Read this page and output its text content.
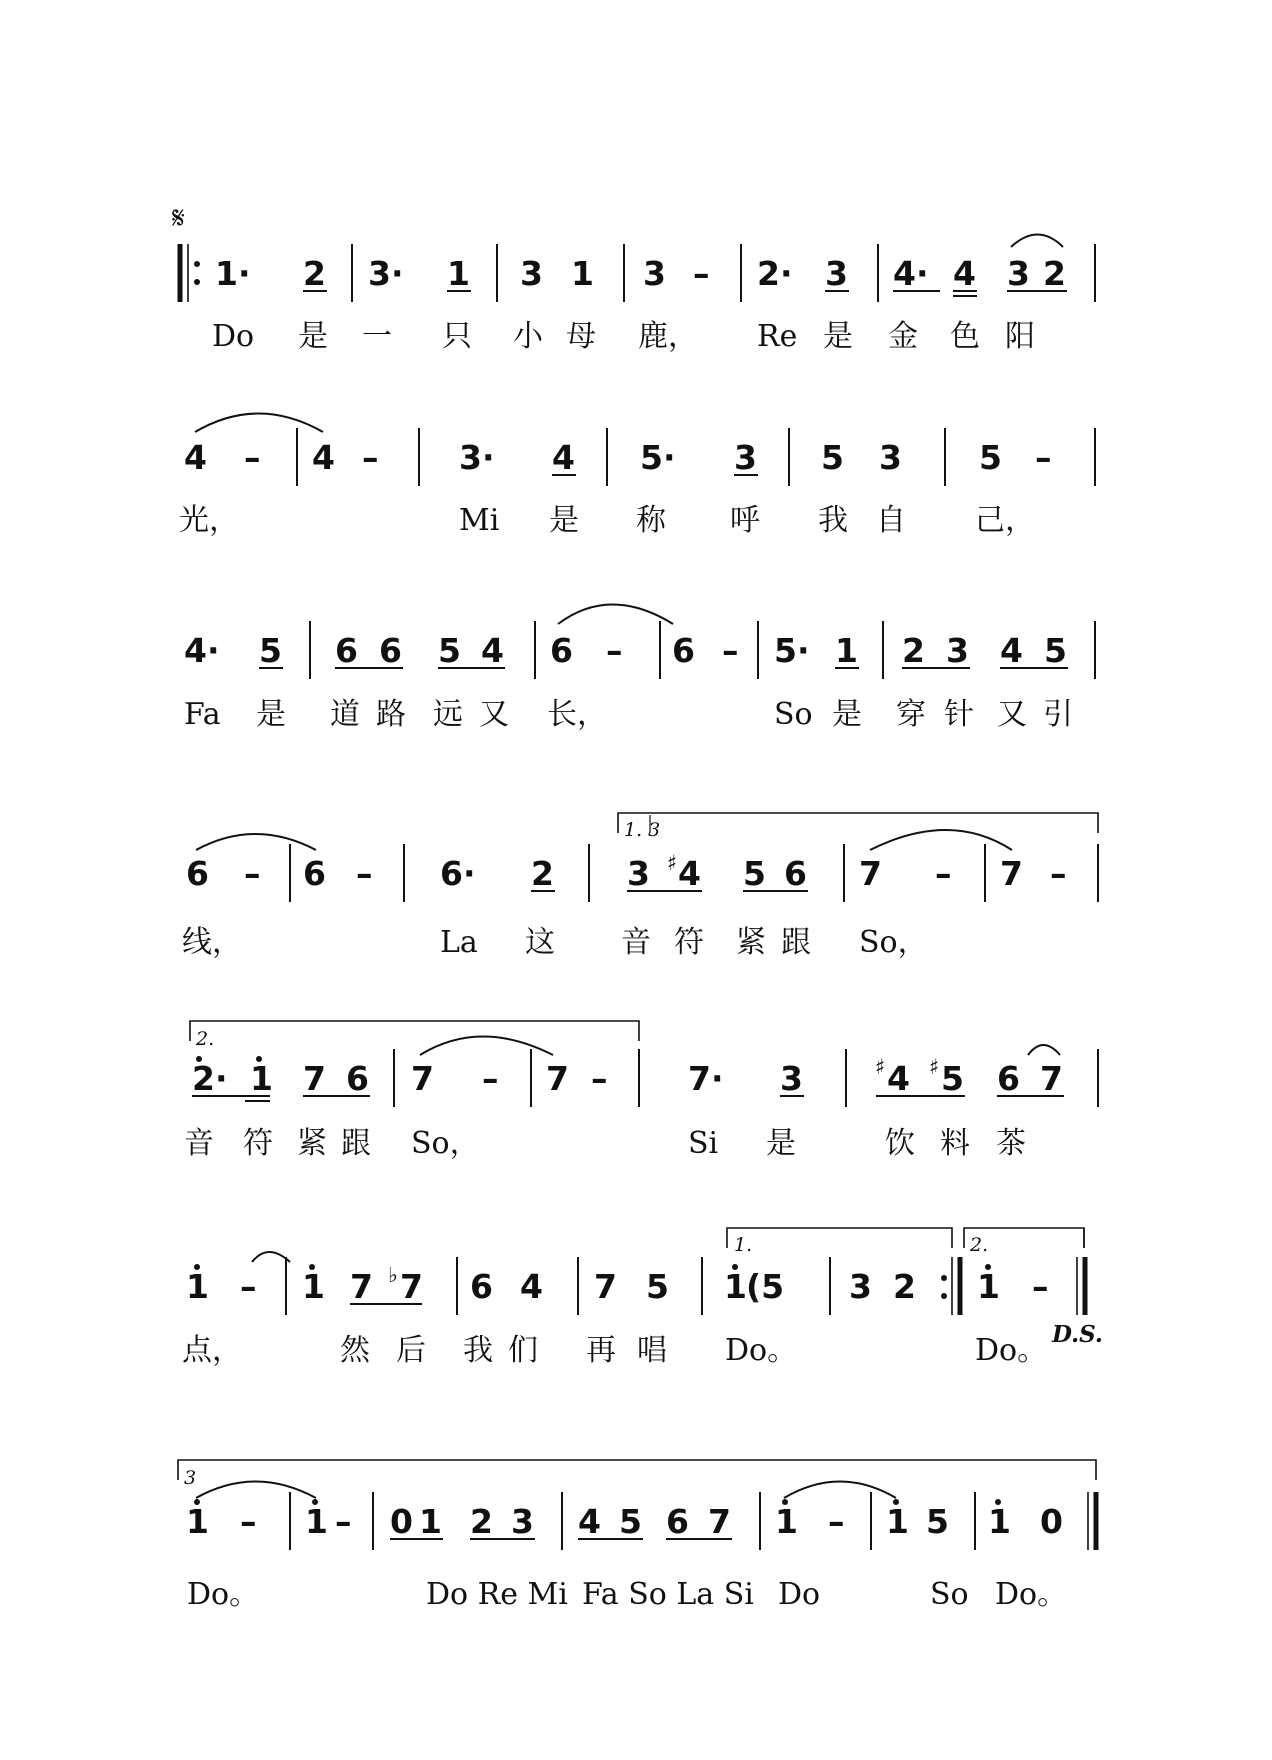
𝄋
1· 2 3· 1 3 1 3 – 2· 3 4· 4 3 2
Do 是 一 只 小 母 鹿， Re 是 金 色 阳
4 – 4 – 3· 4 5· 3 5 3 5 –
光，	Mi 是 称 呼 我 自 己，
4· 5 6 6 5 4 6 – 6 – 5· 1 2 3 4 5
Fa 是 道 路 远 又 长，	So 是 穿 针 又 引
1. 3
6 – 6 – 6· 2 3 ♯ 4 5 6 7 – 7 –
线，	La 这 音 符 紧 跟 So，
2.
2· 1 7 6 7 – 7 – 7· 3	♯ 4 ♯ 5 6 7
音 符 紧 跟 So，	Si 是	饮 料 茶
1.	2.
1 – 1 7 ♭ 7 6 4 7 5 1 (5 3 2 1 –
点，	然 后 我 们 再 唱 Do。	Do。 D.S.
3
1 – 1 – 0 1 2 3 4 5 6 7 1 – 1 5 1 0
Do。	Do Re Mi Fa So La Si Do	So Do。
